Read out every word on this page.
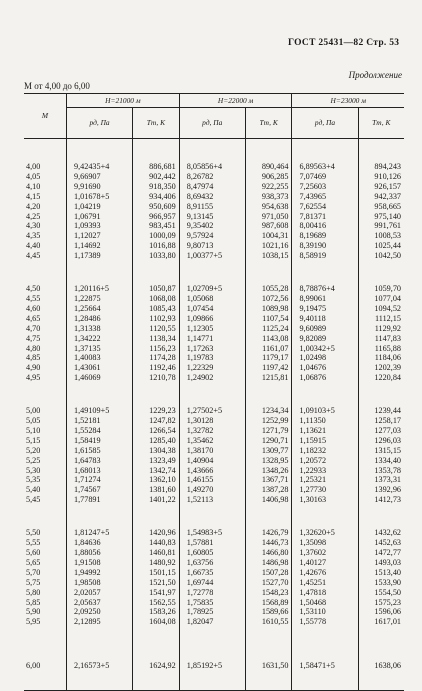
ГОСТ 25431—82 Стр. 53
Продолжение
M от 4,00 до 6,00
M	H=21000 м		H=22000 м		H=23000 м	
	pд, Па	Tт, К	pд, Па	Tт, К	pд, Па	Tт, К

4,00	9,42435+4	886,681	8,05856+4	890,464	6,89563+4	894,243
4,05	9,66907	902,442	8,26782	906,285	7,07469	910,126
4,10	9,91690	918,350	8,47974	922,255	7,25603	926,157
4,15	1,01678+5	934,406	8,69432	938,373	7,43965	942,337
4,20	1,04219	950,609	8,91155	954,638	7,62554	958,665
4,25	1,06791	966,957	9,13145	971,050	7,81371	975,140
4,30	1,09393	983,451	9,35402	987,608	8,00416	991,761
4,35	1,12027	1000,09	9,57924	1004,31	8,19689	1008,53
4,40	1,14692	1016,88	9,80713	1021,16	8,39190	1025,44
4,45	1,17389	1033,80	1,00377+5	1038,15	8,58919	1042,50

4,50	1,20116+5	1050,87	1,02709+5	1055,28	8,78876+4	1059,70
4,55	1,22875	1068,08	1,05068	1072,56	8,99061	1077,04
4,60	1,25664	1085,43	1,07454	1089,98	9,19475	1094,52
4,65	1,28486	1102,93	1,09866	1107,54	9,40118	1112,15
4,70	1,31338	1120,55	1,12305	1125,24	9,60989	1129,92
4,75	1,34222	1138,34	1,14771	1143,08	9,82089	1147,83
4,80	1,37135	1156,23	1,17263	1161,07	1,00342+5	1165,88
4,85	1,40083	1174,28	1,19783	1179,17	1,02498	1184,06
4,90	1,43061	1192,46	1,22329	1197,42	1,04676	1202,39
4,95	1,46069	1210,78	1,24902	1215,81	1,06876	1220,84

5,00	1,49109+5	1229,23	1,27502+5	1234,34	1,09103+5	1239,44
5,05	1,52181	1247,82	1,30128	1252,99	1,11350	1258,17
5,10	1,55284	1266,54	1,32782	1271,79	1,13621	1277,03
5,15	1,58419	1285,40	1,35462	1290,71	1,15915	1296,03
5,20	1,61585	1304,38	1,38170	1309,77	1,18232	1315,15
5,25	1,64783	1323,49	1,40904	1328,95	1,20572	1334,40
5,30	1,68013	1342,74	1,43666	1348,26	1,22933	1353,78
5,35	1,71274	1362,10	1,46155	1367,71	1,25321	1373,31
5,40	1,74567	1381,60	1,49270	1387,28	1,27730	1392,96
5,45	1,77891	1401,22	1,52113	1406,98	1,30163	1412,73

5,50	1,81247+5	1420,96	1,54983+5	1426,79	1,32620+5	1432,62
5,55	1,84636	1440,83	1,57881	1446,73	1,35098	1452,63
5,60	1,88056	1460,81	1,60805	1466,80	1,37602	1472,77
5,65	1,91508	1480,92	1,63756	1486,98	1,40127	1493,03
5,70	1,94992	1501,15	1,66735	1507,28	1,42676	1513,40
5,75	1,98508	1521,50	1,69744	1527,70	1,45251	1533,90
5,80	2,02057	1541,97	1,72778	1548,23	1,47818	1554,50
5,85	2,05637	1562,55	1,75835	1568,89	1,50468	1575,23
5,90	2,09250	1583,26	1,78925	1589,66	1,53110	1596,06
5,95	2,12895	1604,08	1,82047	1610,55	1,55778	1617,01

6,00	2,16573+5	1624,92	1,85192+5	1631,50	1,58471+5	1638,06
